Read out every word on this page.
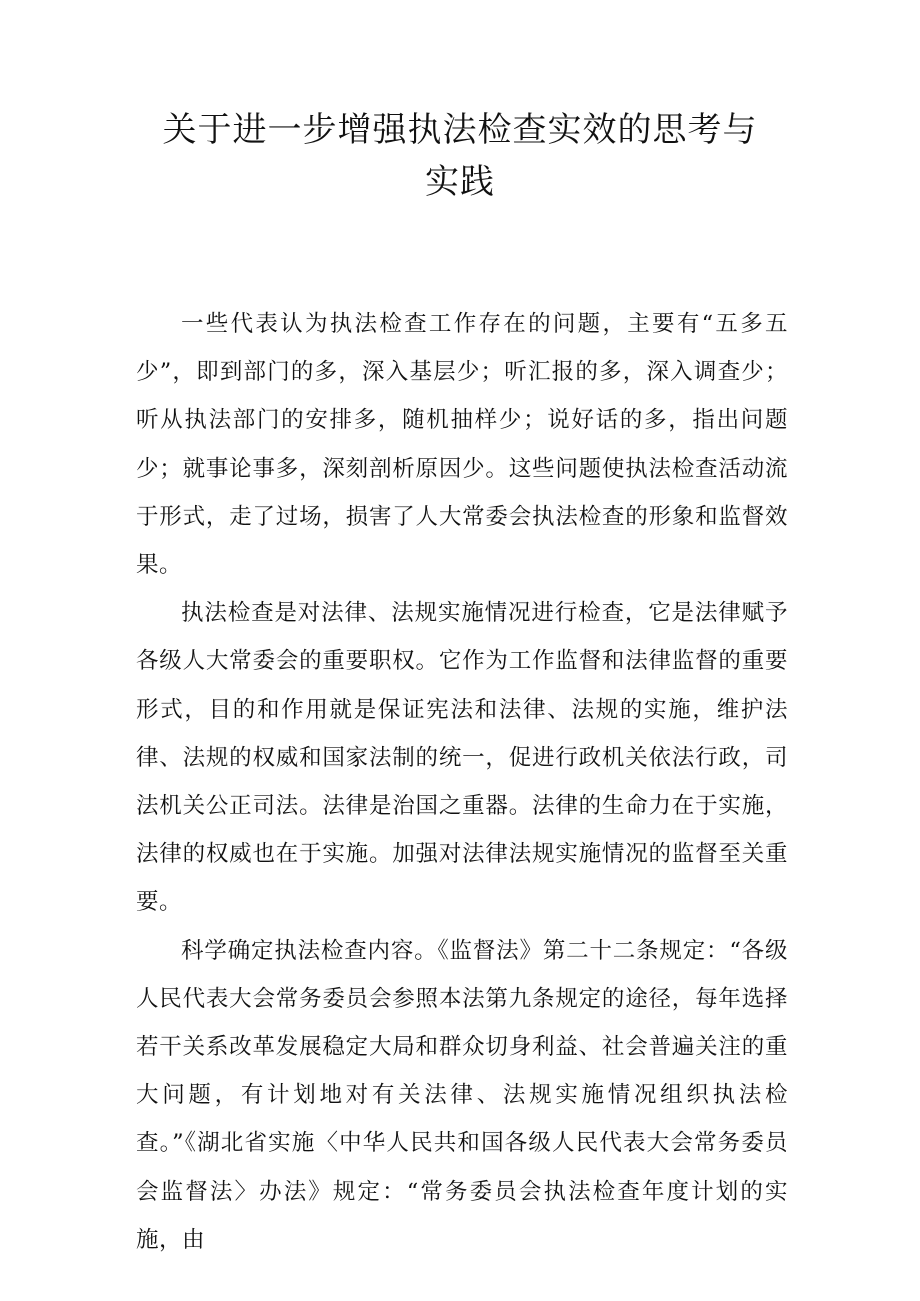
关于进一步增强执法检查实效的思考与实践

一些代表认为执法检查工作存在的问题，主要有“五多五少”，即到部门的多，深入基层少；听汇报的多，深入调查少；听从执法部门的安排多，随机抽样少；说好话的多，指出问题少；就事论事多，深刻剖析原因少。这些问题使执法检查活动流于形式，走了过场，损害了人大常委会执法检查的形象和监督效果。

执法检查是对法律、法规实施情况进行检查，它是法律赋予各级人大常委会的重要职权。它作为工作监督和法律监督的重要形式，目的和作用就是保证宪法和法律、法规的实施，维护法律、法规的权威和国家法制的统一，促进行政机关依法行政，司法机关公正司法。法律是治国之重器。法律的生命力在于实施，法律的权威也在于实施。加强对法律法规实施情况的监督至关重要。

科学确定执法检查内容。《监督法》第二十二条规定：“各级人民代表大会常务委员会参照本法第九条规定的途径，每年选择若干关系改革发展稳定大局和群众切身利益、社会普遍关注的重大问题，有计划地对有关法律、法规实施情况组织执法检查。”《湖北省实施〈中华人民共和国各级人民代表大会常务委员会监督法〉办法》规定：“常务委员会执法检查年度计划的实施，由
